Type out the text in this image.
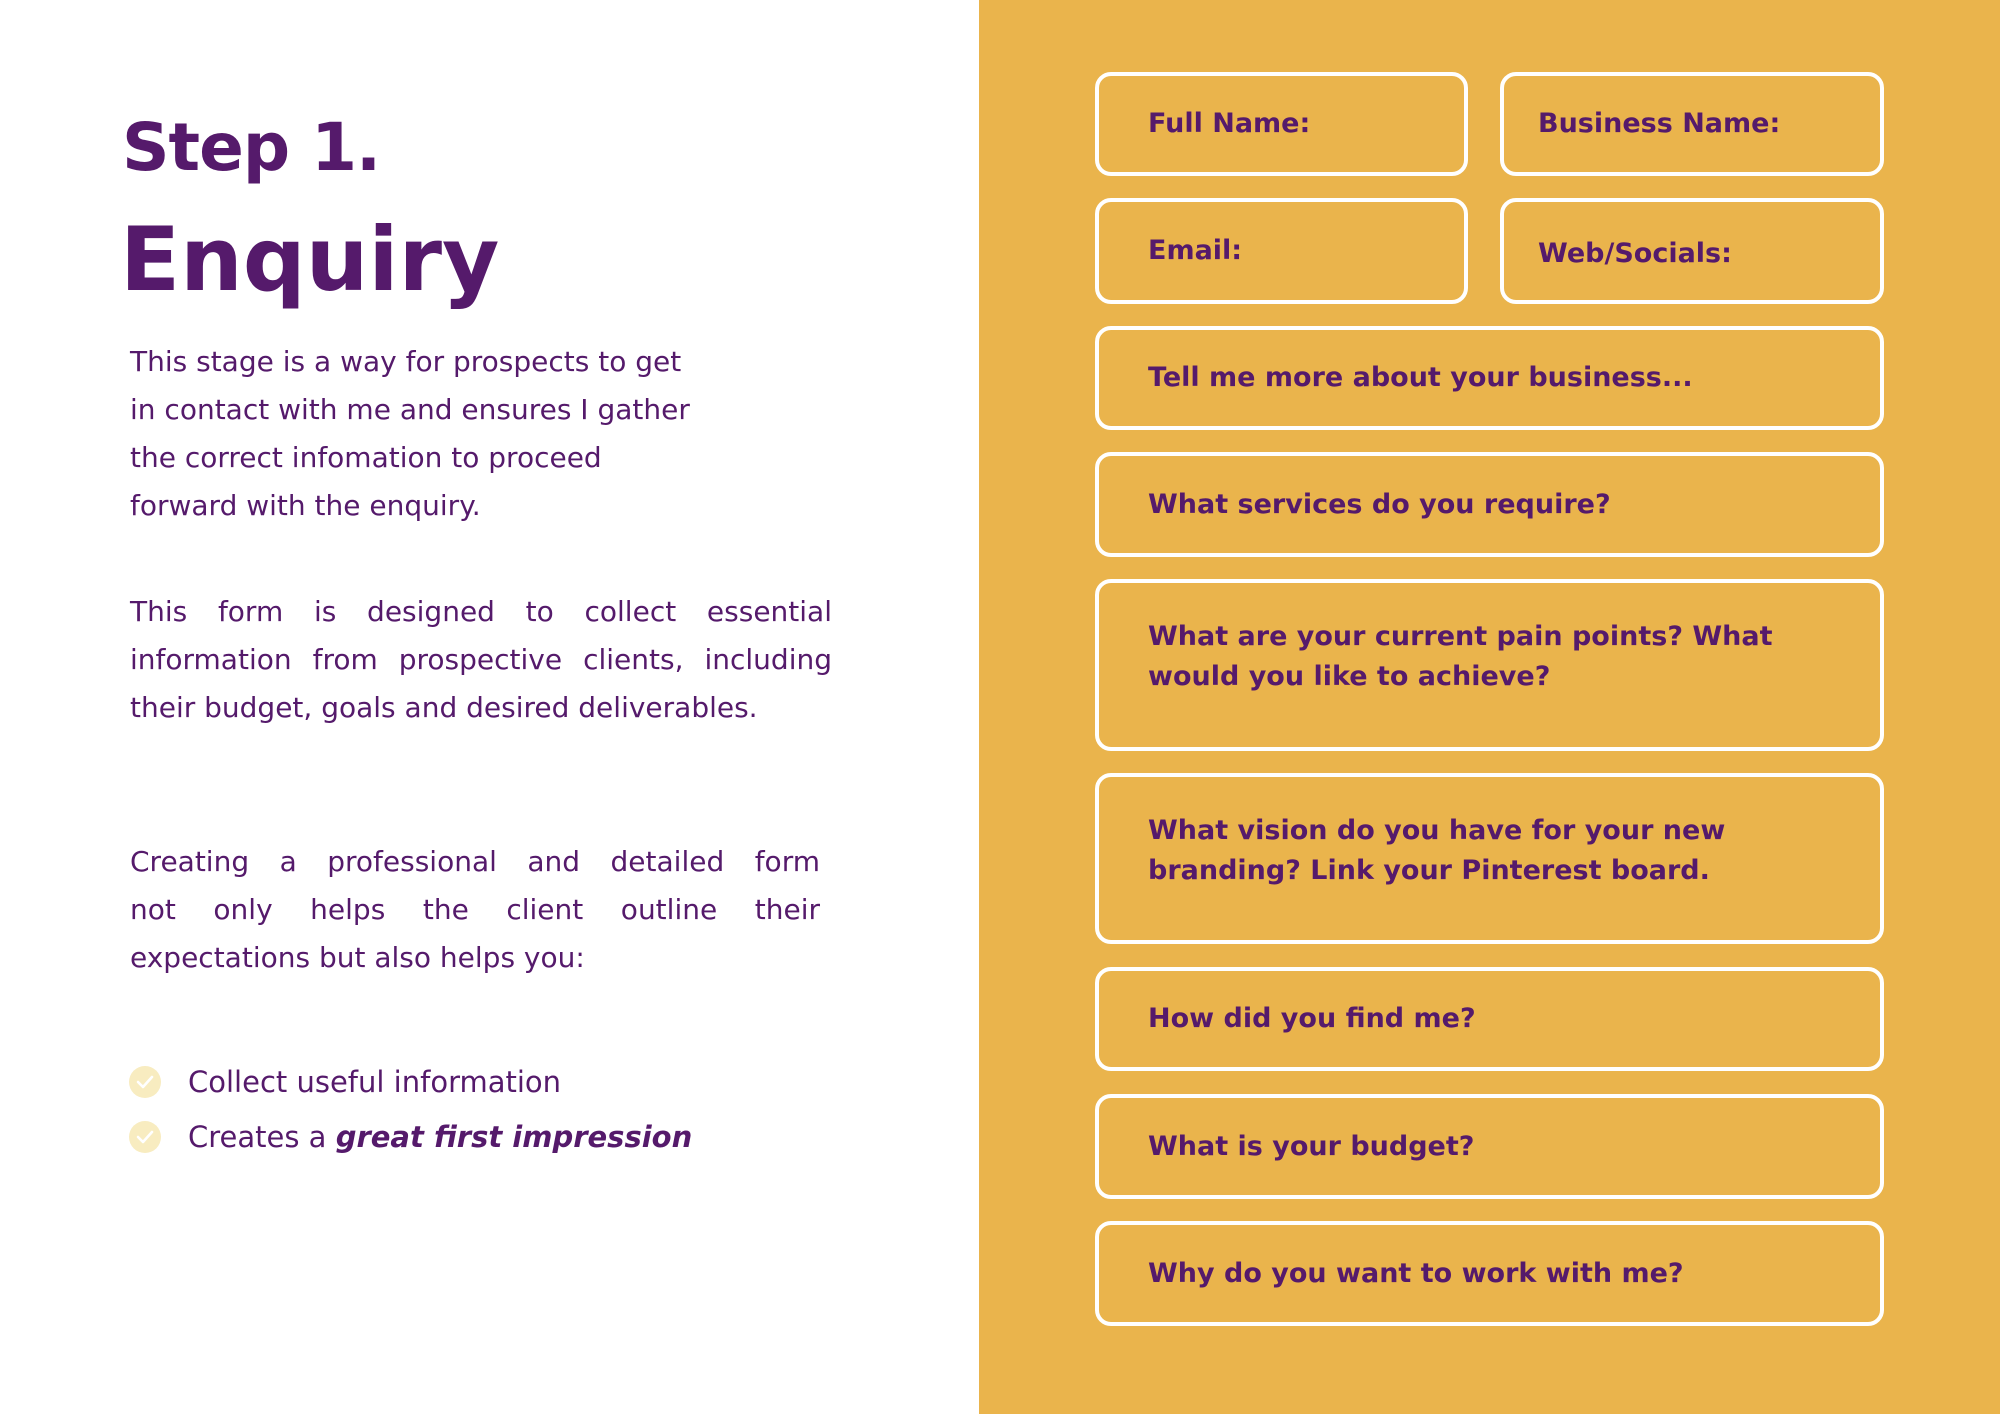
Step 1.
Enquiry

This stage is a way for prospects to get
in contact with me and ensures I gather
the correct infomation to proceed
forward with the enquiry.

This form is designed to collect essential
information from prospective clients, including
their budget, goals and desired deliverables.

Creating a professional and detailed form
not only helps the client outline their
expectations but also helps you:

Collect useful information
Creates a great first impression
Full Name:	Business Name:
Email:	Web/Socials:
Tell me more about your business...
What services do you require?
What are your current pain points? What
would you like to achieve?
What vision do you have for your new
branding? Link your Pinterest board.
How did you find me?
What is your budget?
Why do you want to work with me?
